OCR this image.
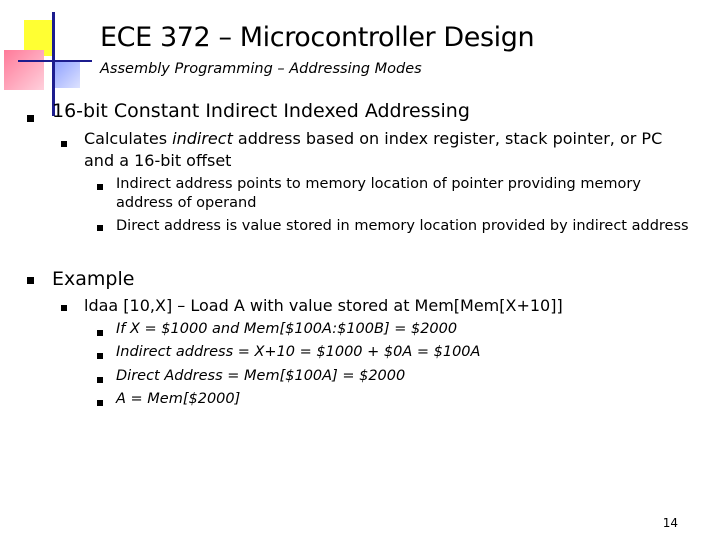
ECE 372 – Microcontroller Design
Assembly Programming – Addressing Modes
16-bit Constant Indirect Indexed Addressing
Calculates indirect address based on index register, stack pointer, or PC
and a 16-bit offset
Indirect address points to memory location of pointer providing memory
address of operand
Direct address is value stored in memory location provided by indirect address
Example
ldaa [10,X] – Load A with value stored at Mem[Mem[X+10]]
If X = $1000 and Mem[$100A:$100B] = $2000
Indirect address = X+10 = $1000 + $0A = $100A
Direct Address = Mem[$100A] = $2000
A = Mem[$2000]
14
